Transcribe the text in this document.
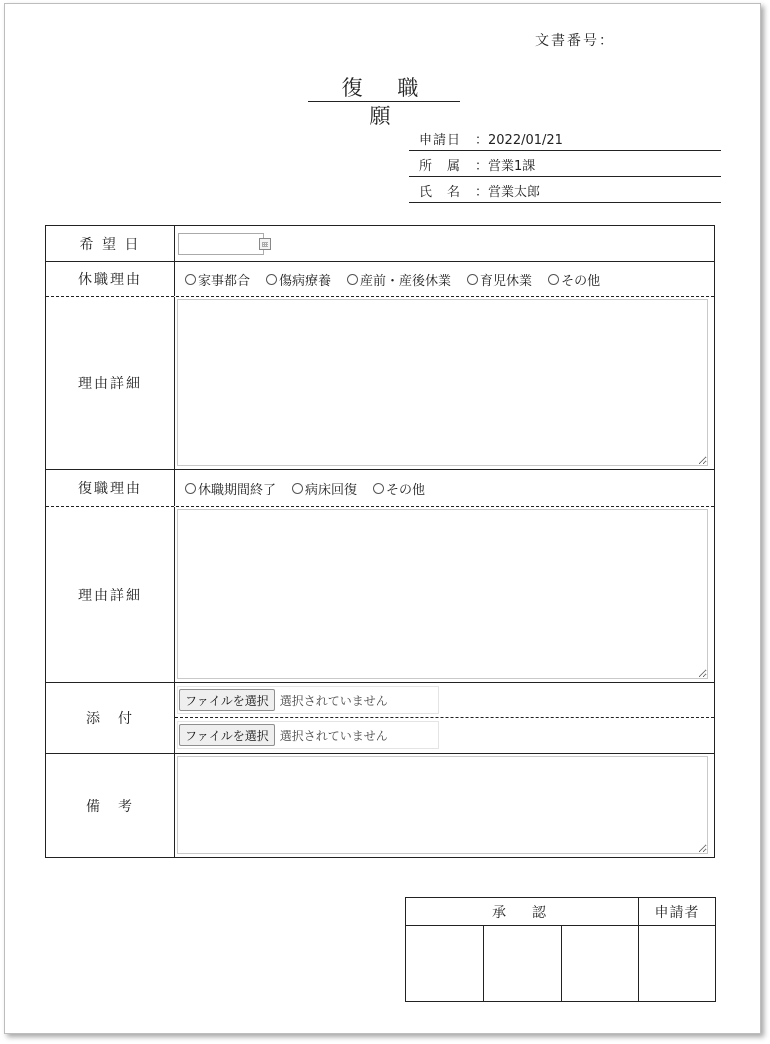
文書番号：
復 職 願
申請日 ：2022/01/21
所　属 ：営業1課
氏　名 ：営業太郎
希 望 日
休職理由	家事都合 傷病療養 産前・産後休業 育児休業 その他
理由詳細
復職理由	休職期間終了 病床回復 その他
理由詳細
添　付
ファイルを選択 選択されていません
ファイルを選択 選択されていません
備　考
承　認	申請者
